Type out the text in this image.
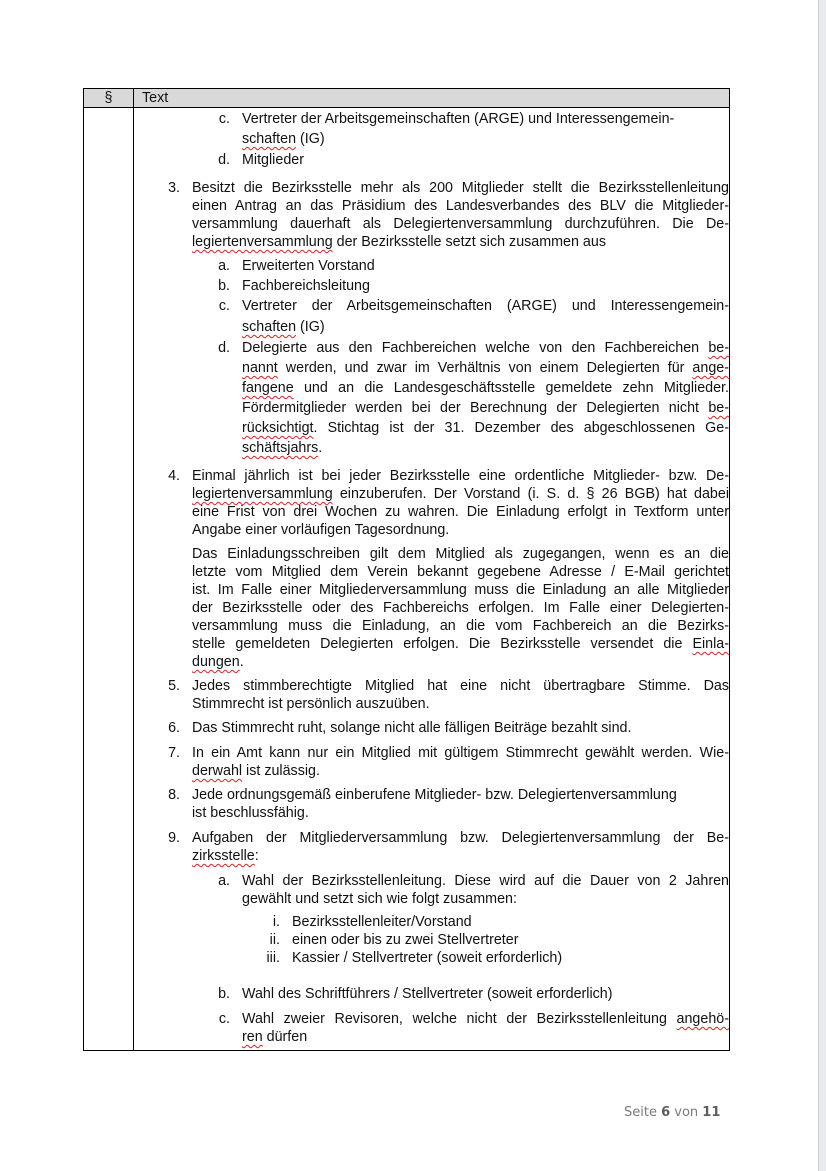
§	Text

c. Vertreter der Arbeitsgemeinschaften (ARGE) und Interessengemein-
schaften (IG)
d. Mitglieder
3. Besitzt die Bezirksstelle mehr als 200 Mitglieder stellt die Bezirksstellenleitung
einen Antrag an das Präsidium des Landesverbandes des BLV die Mitglieder-
versammlung dauerhaft als Delegiertenversammlung durchzuführen. Die De-
legiertenversammlung der Bezirksstelle setzt sich zusammen aus
a. Erweiterten Vorstand
b. Fachbereichsleitung
c. Vertreter der Arbeitsgemeinschaften (ARGE) und Interessengemein-
schaften (IG)
d. Delegierte aus den Fachbereichen welche von den Fachbereichen be-
nannt werden, und zwar im Verhältnis von einem Delegierten für ange-
fangene und an die Landesgeschäftsstelle gemeldete zehn Mitglieder.
Fördermitglieder werden bei der Berechnung der Delegierten nicht be-
rücksichtigt. Stichtag ist der 31. Dezember des abgeschlossenen Ge-
schäftsjahrs.
4. Einmal jährlich ist bei jeder Bezirksstelle eine ordentliche Mitglieder- bzw. De-
legiertenversammlung einzuberufen. Der Vorstand (i. S. d. § 26 BGB) hat dabei
eine Frist von drei Wochen zu wahren. Die Einladung erfolgt in Textform unter
Angabe einer vorläufigen Tagesordnung.
Das Einladungsschreiben gilt dem Mitglied als zugegangen, wenn es an die
letzte vom Mitglied dem Verein bekannt gegebene Adresse / E-Mail gerichtet
ist. Im Falle einer Mitgliederversammlung muss die Einladung an alle Mitglieder
der Bezirksstelle oder des Fachbereichs erfolgen. Im Falle einer Delegierten-
versammlung muss die Einladung, an die vom Fachbereich an die Bezirks-
stelle gemeldeten Delegierten erfolgen. Die Bezirksstelle versendet die Einla-
dungen.
5. Jedes stimmberechtigte Mitglied hat eine nicht übertragbare Stimme. Das
Stimmrecht ist persönlich auszuüben.
6. Das Stimmrecht ruht, solange nicht alle fälligen Beiträge bezahlt sind.
7. In ein Amt kann nur ein Mitglied mit gültigem Stimmrecht gewählt werden. Wie-
derwahl ist zulässig.
8. Jede ordnungsgemäß einberufene Mitglieder- bzw. Delegiertenversammlung
ist beschlussfähig.
9. Aufgaben der Mitgliederversammlung bzw. Delegiertenversammlung der Be-
zirksstelle:
a. Wahl der Bezirksstellenleitung. Diese wird auf die Dauer von 2 Jahren
gewählt und setzt sich wie folgt zusammen:
i. Bezirksstellenleiter/Vorstand
ii. einen oder bis zu zwei Stellvertreter
iii. Kassier / Stellvertreter (soweit erforderlich)
b. Wahl des Schriftführers / Stellvertreter (soweit erforderlich)
c. Wahl zweier Revisoren, welche nicht der Bezirksstellenleitung angehö-
ren dürfen
Seite 6 von 11
